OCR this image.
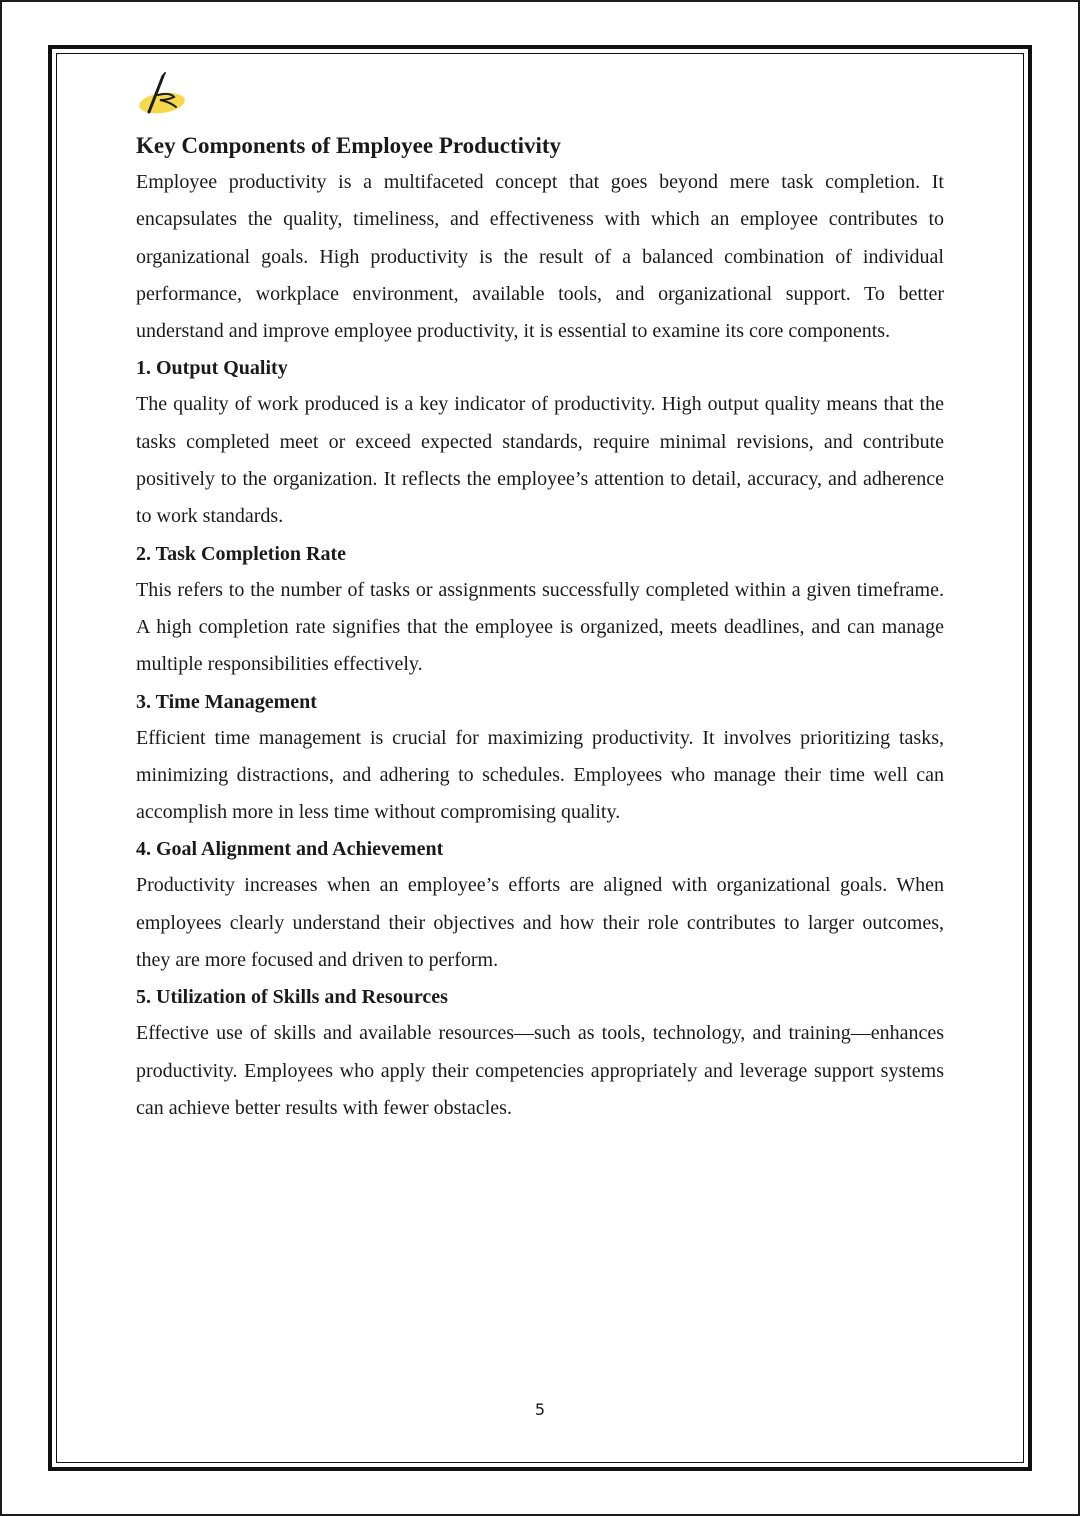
Key Components of Employee Productivity

Employee productivity is a multifaceted concept that goes beyond mere task completion. It encapsulates the quality, timeliness, and effectiveness with which an employee contributes to organizational goals. High productivity is the result of a balanced combination of individual performance, workplace environment, available tools, and organizational support. To better understand and improve employee productivity, it is essential to examine its core components.

1. Output Quality

The quality of work produced is a key indicator of productivity. High output quality means that the tasks completed meet or exceed expected standards, require minimal revisions, and contribute positively to the organization. It reflects the employee’s attention to detail, accuracy, and adherence to work standards.

2. Task Completion Rate

This refers to the number of tasks or assignments successfully completed within a given timeframe. A high completion rate signifies that the employee is organized, meets deadlines, and can manage multiple responsibilities effectively.

3. Time Management

Efficient time management is crucial for maximizing productivity. It involves prioritizing tasks, minimizing distractions, and adhering to schedules. Employees who manage their time well can accomplish more in less time without compromising quality.

4. Goal Alignment and Achievement

Productivity increases when an employee’s efforts are aligned with organizational goals. When employees clearly understand their objectives and how their role contributes to larger outcomes, they are more focused and driven to perform.

5. Utilization of Skills and Resources

Effective use of skills and available resources—such as tools, technology, and training—enhances productivity. Employees who apply their competencies appropriately and leverage support systems can achieve better results with fewer obstacles.

5
